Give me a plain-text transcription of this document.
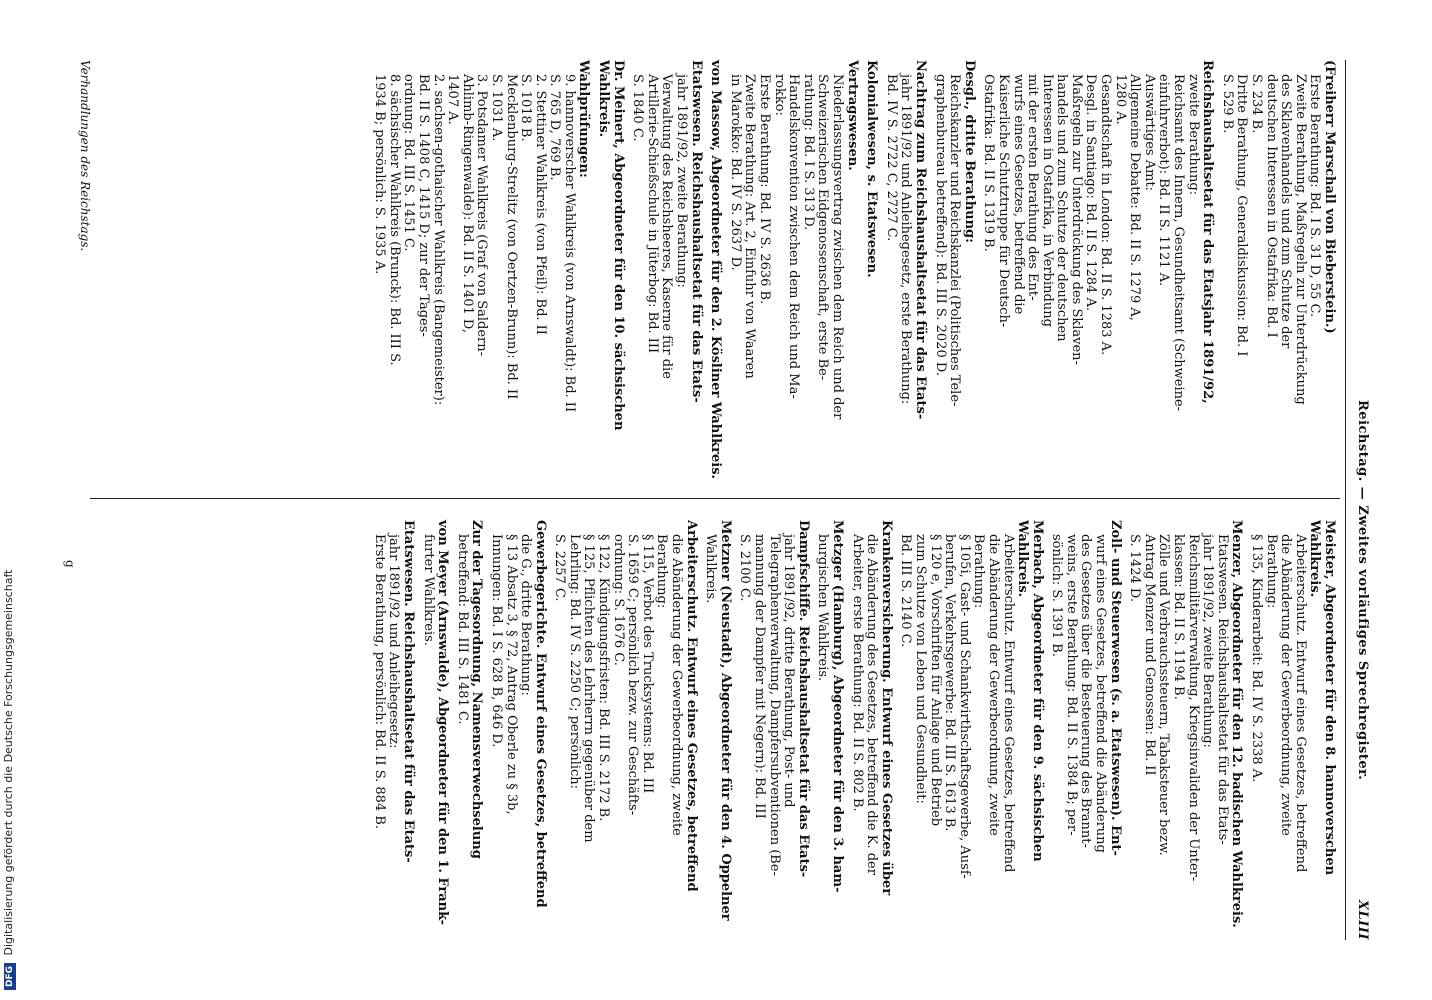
Reichstag. — Zweites vorläufiges Sprechregister.
XLIII
(Freiherr Marschall von Bieberstein.)
Erste Berathung: Bd. I S. 31 D, 55 C.
Zweite Berathung, Maßregeln zur Unterdrückung
des Sklavenhandels und zum Schutze der
deutschen Interessen in Ostafrika: Bd. I
S. 234 B.
Dritte Berathung, Generaldiskussion: Bd. I
S. 529 B.
Reichshaushaltsetat für das Etatsjahr 1891/92,
zweite Berathung:
Reichsamt des Innern, Gesundheitsamt (Schweine-
einfuhrverbot): Bd. II S. 1121 A.
Auswärtiges Amt:
Allgemeine Debatte: Bd. II S. 1279 A,
1280 A.
Gesandtschaft in London: Bd. II S. 1283 A.
Desgl. in Santiago: Bd. II S. 1284 A.
Maßregeln zur Unterdrückung des Sklaven-
handels und zum Schutze der deutschen
Interessen in Ostafrika, in Verbindung
mit der ersten Berathung des Ent-
wurfs eines Gesetzes, betreffend die
Kaiserliche Schutztruppe für Deutsch-
Ostafrika: Bd. II S. 1319 B.
Desgl., dritte Berathung:
Reichskanzler und Reichskanzlei (Politisches Tele-
graphenbureau betreffend): Bd. III S. 2020 D.
Nachtrag zum Reichshaushaltsetat für das Etats-
jahr 1891/92 und Anleihegesetz, erste Berathung:
Bd. IV S. 2722 C, 2727 C.
Kolonialwesen, s. Etatswesen.
Vertragswesen.
Niederlassungsvertrag zwischen dem Reich und der
Schweizerischen Eidgenossenschaft, erste Be-
rathung: Bd. I S. 313 D.
Handelskonvention zwischen dem Reich und Ma-
rokko:
Erste Berathung: Bd. IV S. 2636 B.
Zweite Berathung: Art. 2, Einfuhr von Waaren
in Marokko: Bd. IV S. 2637 D.
von Massow, Abgeordneter für den 2. Kösliner Wahlkreis.
Etatswesen. Reichshaushaltsetat für das Etats-
jahr 1891/92, zweite Berathung:
Verwaltung des Reichsheeres, Kaserne für die
Artillerie-Schießschule in Jüterbog: Bd. III
S. 1840 C.
Dr. Meinert, Abgeordneter für den 10. sächsischen Wahlkreis.
Wahlprüfungen:
9. hannoverscher Wahlkreis (von Arnswaldt): Bd. II
S. 765 D, 769 B.
2. Stettiner Wahlkreis (von Pfeil): Bd. II
S. 1018 B.
Mecklenburg-Strelitz (von Oertzen-Brunn): Bd. II
S. 1031 A.
3. Potsdamer Wahlkreis (Graf von Saldern-
Ahlimb-Ringenwalde): Bd. II S. 1401 D,
1407 A.
2. sachsen-gothaischer Wahlkreis (Bangemeister):
Bd. II S. 1408 C, 1415 D; zur der Tages-
ordnung: Bd. III S. 1451 C.
8. sächsischer Wahlkreis (Brunck): Bd. III S.
1934 B; persönlich: S. 1935 A.
Meister, Abgeordneter für den 8. hannoverschen Wahlkreis.
Arbeiterschutz. Entwurf eines Gesetzes, betreffend
die Abänderung der Gewerbeordnung, zweite
Berathung:
§ 135, Kinderarbeit: Bd. IV S. 2338 A.
Menzer, Abgeordneter für den 12. badischen Wahlkreis.
Etatswesen. Reichshaushaltsetat für das Etats-
jahr 1891/92, zweite Berathung:
Reichsmilitärverwaltung, Kriegsinvaliden der Unter-
klassen: Bd. II S. 1194 B.
Zölle und Verbrauchssteuern, Tabaksteuer bezw.
Antrag Menzer und Genossen: Bd. II
S. 1424 D.
Zoll- und Steuerwesen (s. a. Etatswesen). Ent-
wurf eines Gesetzes, betreffend die Abänderung
des Gesetzes über die Besteuerung des Brannt-
weins, erste Berathung: Bd. II S. 1384 B; per-
sönlich: S. 1391 B.
Merbach, Abgeordneter für den 9. sächsischen Wahlkreis.
Arbeiterschutz. Entwurf eines Gesetzes, betreffend
die Abänderung der Gewerbeordnung, zweite
Berathung:
§ 105i, Gast- und Schankwirthschaftsgewerbe, Ausf-
berufen, Verkehrsgewerbe: Bd. III S. 1613 B.
§ 120 e, Vorschriften für Anlage und Betrieb
zum Schutze von Leben und Gesundheit:
Bd. III S. 2140 C.
Krankenversicherung. Entwurf eines Gesetzes über
die Abänderung des Gesetzes, betreffend die K. der
Arbeiter, erste Berathung: Bd. II S. 802 B.
Metzger (Hamburg), Abgeordneter für den 3. ham-
burgischen Wahlkreis.
Dampfschiffe. Reichshaushaltsetat für das Etats-
jahr 1891/92, dritte Berathung, Post- und
Telegraphenverwaltung, Dampfersubventionen (Be-
mannung der Dampfer mit Negern): Bd. III
S. 2100 C.
Metzner (Neustadt), Abgeordneter für den 4. Oppelner
Wahlkreis.
Arbeiterschutz. Entwurf eines Gesetzes, betreffend
die Abänderung der Gewerbeordnung, zweite
Berathung:
§ 115, Verbot des Trucksystems: Bd. III
S. 1659 C; persönlich bezw. zur Geschäfts-
ordnung: S. 1676 C.
§ 122, Kündigungsfristen: Bd. III S. 2172 B.
§ 125, Pflichten des Lehrherrn gegenüber dem
Lehrling: Bd. IV S. 2250 C; persönlich:
S. 2257 C.
Gewerbegerichte. Entwurf eines Gesetzes, betreffend
die G., dritte Berathung:
§ 13 Absatz 3, § 72, Antrag Oberle zu § 3b,
Innungen: Bd. I S. 628 B, 646 D.
Zur der Tagesordnung, Namensverwechselung
betreffend: Bd. III S. 1481 C.
von Meyer (Arnswalde), Abgeordneter für den 1. Frank-
furter Wahlkreis.
Etatswesen. Reichshaushaltsetat für das Etats-
jahr 1891/92 und Anleihegesetz:
Erste Berathung, persönlich: Bd. II S. 884 B.
Verhandlungen des Reichstags.
g
DFG Digitalisierung gefördert durch die Deutsche Forschungsgemeinschaft
